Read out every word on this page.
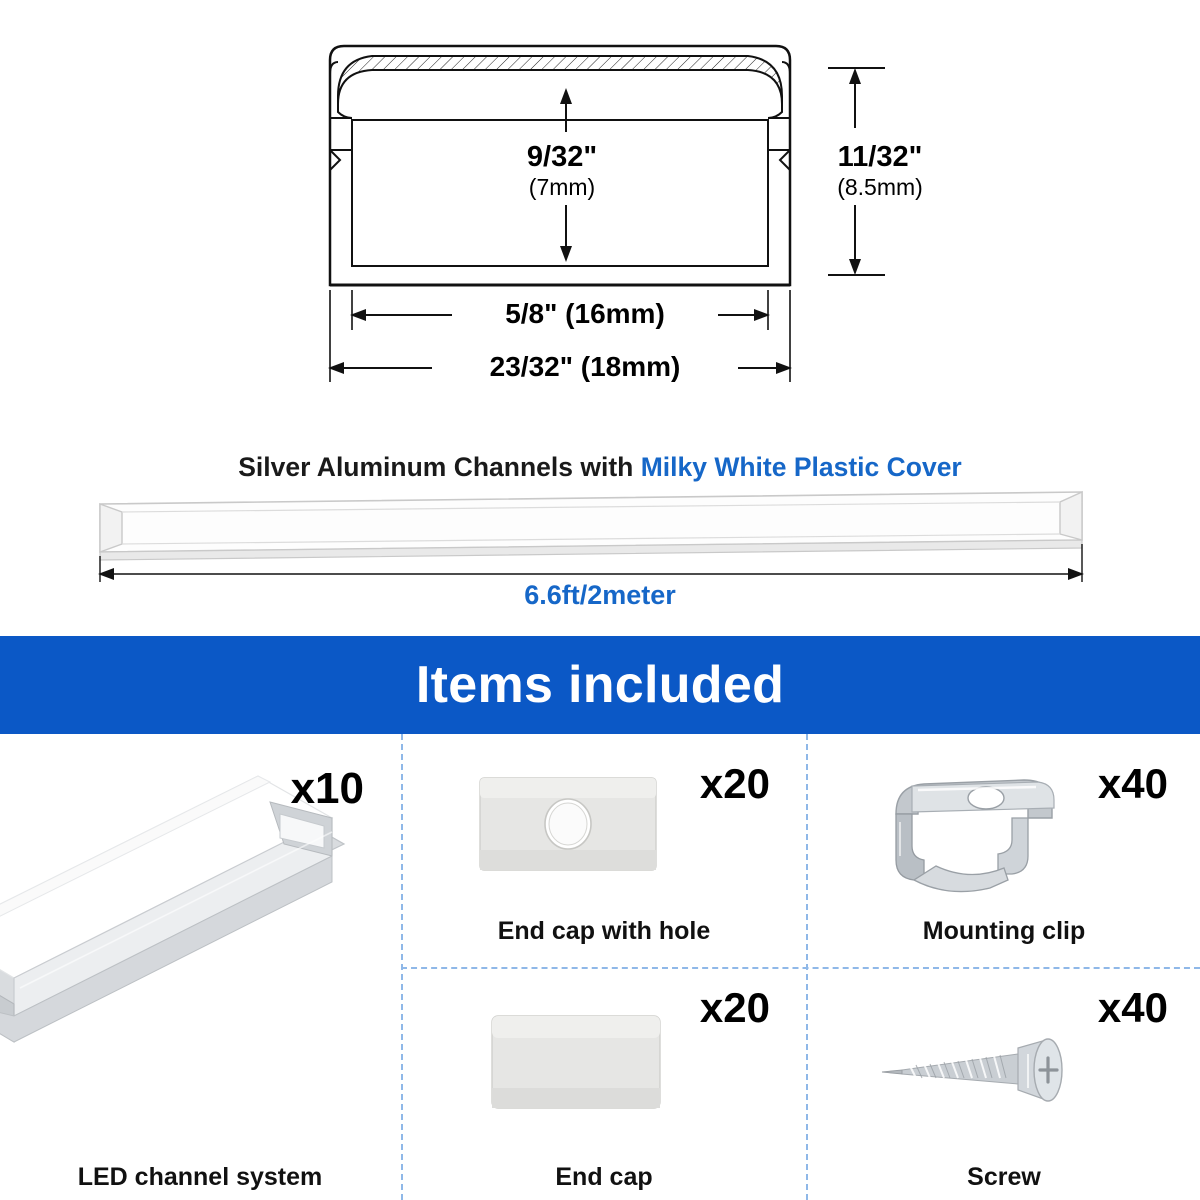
9/32"
(7mm)
11/32"
(8.5mm)
5/8" (16mm)
23/32" (18mm)
Silver Aluminum Channels with Milky White Plastic Cover
6.6ft/2meter
Items included
x10
LED channel system
x20
End cap with hole
x40
Mounting clip
x20
End cap
x40
Screw
